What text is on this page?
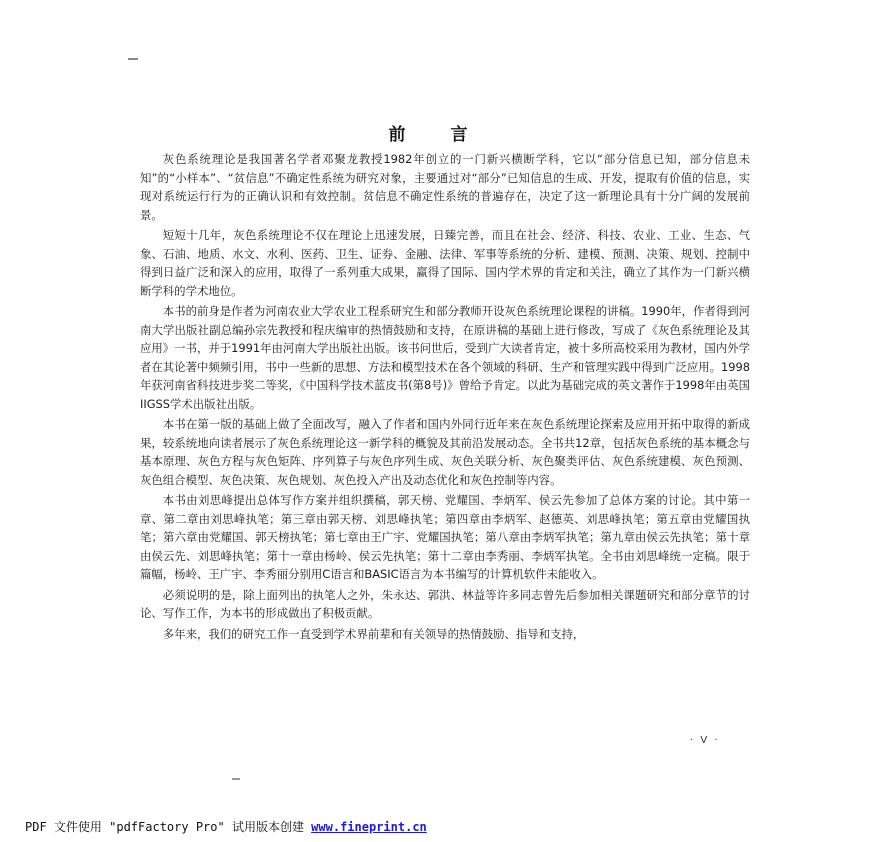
前　言

灰色系统理论是我国著名学者邓聚龙教授1982年创立的一门新兴横断学科，它以“部分信息已知，部分信息未知”的“小样本”、“贫信息”不确定性系统为研究对象，主要通过对“部分”已知信息的生成、开发，提取有价值的信息，实现对系统运行行为的正确认识和有效控制。贫信息不确定性系统的普遍存在，决定了这一新理论具有十分广阔的发展前景。

短短十几年，灰色系统理论不仅在理论上迅速发展，日臻完善，而且在社会、经济、科技、农业、工业、生态、气象、石油、地质、水文、水利、医药、卫生、证券、金融、法律、军事等系统的分析、建模、预测、决策、规划、控制中得到日益广泛和深入的应用，取得了一系列重大成果，赢得了国际、国内学术界的肯定和关注，确立了其作为一门新兴横断学科的学术地位。

本书的前身是作者为河南农业大学农业工程系研究生和部分教师开设灰色系统理论课程的讲稿。1990年，作者得到河南大学出版社副总编孙宗先教授和程庆编审的热情鼓励和支持，在原讲稿的基础上进行修改，写成了《灰色系统理论及其应用》一书，并于1991年由河南大学出版社出版。该书问世后，受到广大读者肯定，被十多所高校采用为教材，国内外学者在其论著中频频引用，书中一些新的思想、方法和模型技术在各个领域的科研、生产和管理实践中得到广泛应用。1998年获河南省科技进步奖二等奖，《中国科学技术蓝皮书(第8号)》曾给予肯定。以此为基础完成的英文著作于1998年由英国IIGSS学术出版社出版。

本书在第一版的基础上做了全面改写，融入了作者和国内外同行近年来在灰色系统理论探索及应用开拓中取得的新成果，较系统地向读者展示了灰色系统理论这一新学科的概貌及其前沿发展动态。全书共12章，包括灰色系统的基本概念与基本原理、灰色方程与灰色矩阵、序列算子与灰色序列生成、灰色关联分析、灰色聚类评估、灰色系统建模、灰色预测、灰色组合模型、灰色决策、灰色规划、灰色投入产出及动态优化和灰色控制等内容。

本书由刘思峰提出总体写作方案并组织撰稿，郭天榜、党耀国、李炳军、侯云先参加了总体方案的讨论。其中第一章、第二章由刘思峰执笔；第三章由郭天榜、刘思峰执笔；第四章由李炳军、赵德英、刘思峰执笔；第五章由党耀国执笔；第六章由党耀国、郭天榜执笔；第七章由王广宇、党耀国执笔；第八章由李炳军执笔；第九章由侯云先执笔；第十章由侯云先、刘思峰执笔；第十一章由杨岭、侯云先执笔；第十二章由李秀丽、李炳军执笔。全书由刘思峰统一定稿。限于篇幅，杨岭、王广宇、李秀丽分别用C语言和BASIC语言为本书编写的计算机软件未能收入。

必须说明的是，除上面列出的执笔人之外，朱永达、郭洪、林益等许多同志曾先后参加相关课题研究和部分章节的讨论、写作工作，为本书的形成做出了积极贡献。

多年来，我们的研究工作一直受到学术界前辈和有关领导的热情鼓励、指导和支持，

· V ·
PDF 文件使用 "pdfFactory Pro" 试用版本创建 www.fineprint.cn
